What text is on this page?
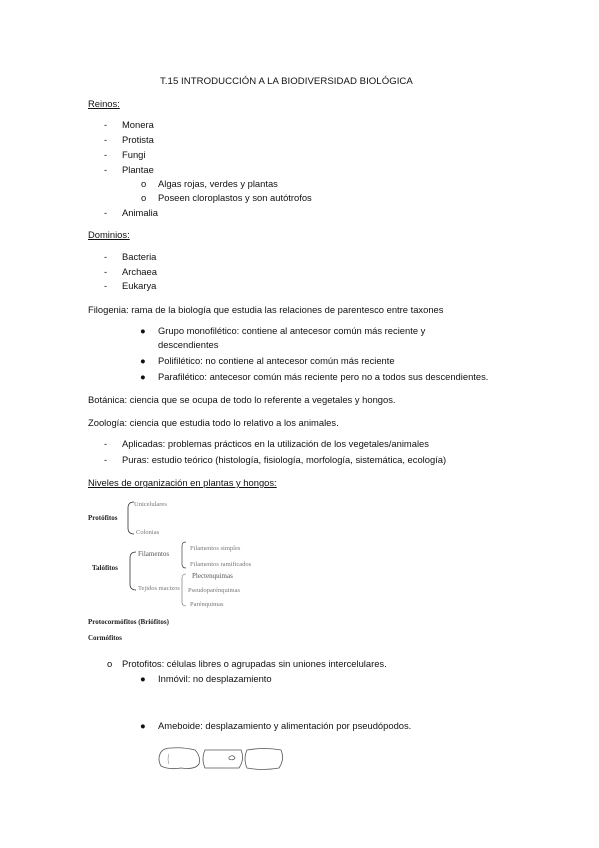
T.15 INTRODUCCIÓN A LA BIODIVERSIDAD BIOLÓGICA
Reinos:
- Monera
- Protista
- Fungi
- Plantae
o Algas rojas, verdes y plantas
o Poseen cloroplastos y son autótrofos
- Animalia
Dominios:
- Bacteria
- Archaea
- Eukarya
Filogenia: rama de la biología que estudia las relaciones de parentesco entre taxones
● Grupo monofilético: contiene al antecesor común más reciente y
descendientes
● Polifilético: no contiene al antecesor común más reciente
● Parafilético: antecesor común más reciente pero no a todos sus descendientes.
Botánica: ciencia que se ocupa de todo lo referente a vegetales y hongos.
Zoología: ciencia que estudia todo lo relativo a los animales.
- Aplicadas: problemas prácticos en la utilización de los vegetales/animales
- Puras: estudio teórico (histología, fisiología, morfología, sistemática, ecología)
Niveles de organización en plantas y hongos:
Protófitos
Unicelulares
Colonias
Talófitos
Filamentos
Tejidos macizos
Filamentos simples
Filamentos ramificados
Plectenquimas
Pseudoparénquimas
Parénquimas
Protocormófitos (Briófitos)
Cormófitos
o Protofitos: células libres o agrupadas sin uniones intercelulares.
● Inmóvil: no desplazamiento
● Ameboide: desplazamiento y alimentación por pseudópodos.
